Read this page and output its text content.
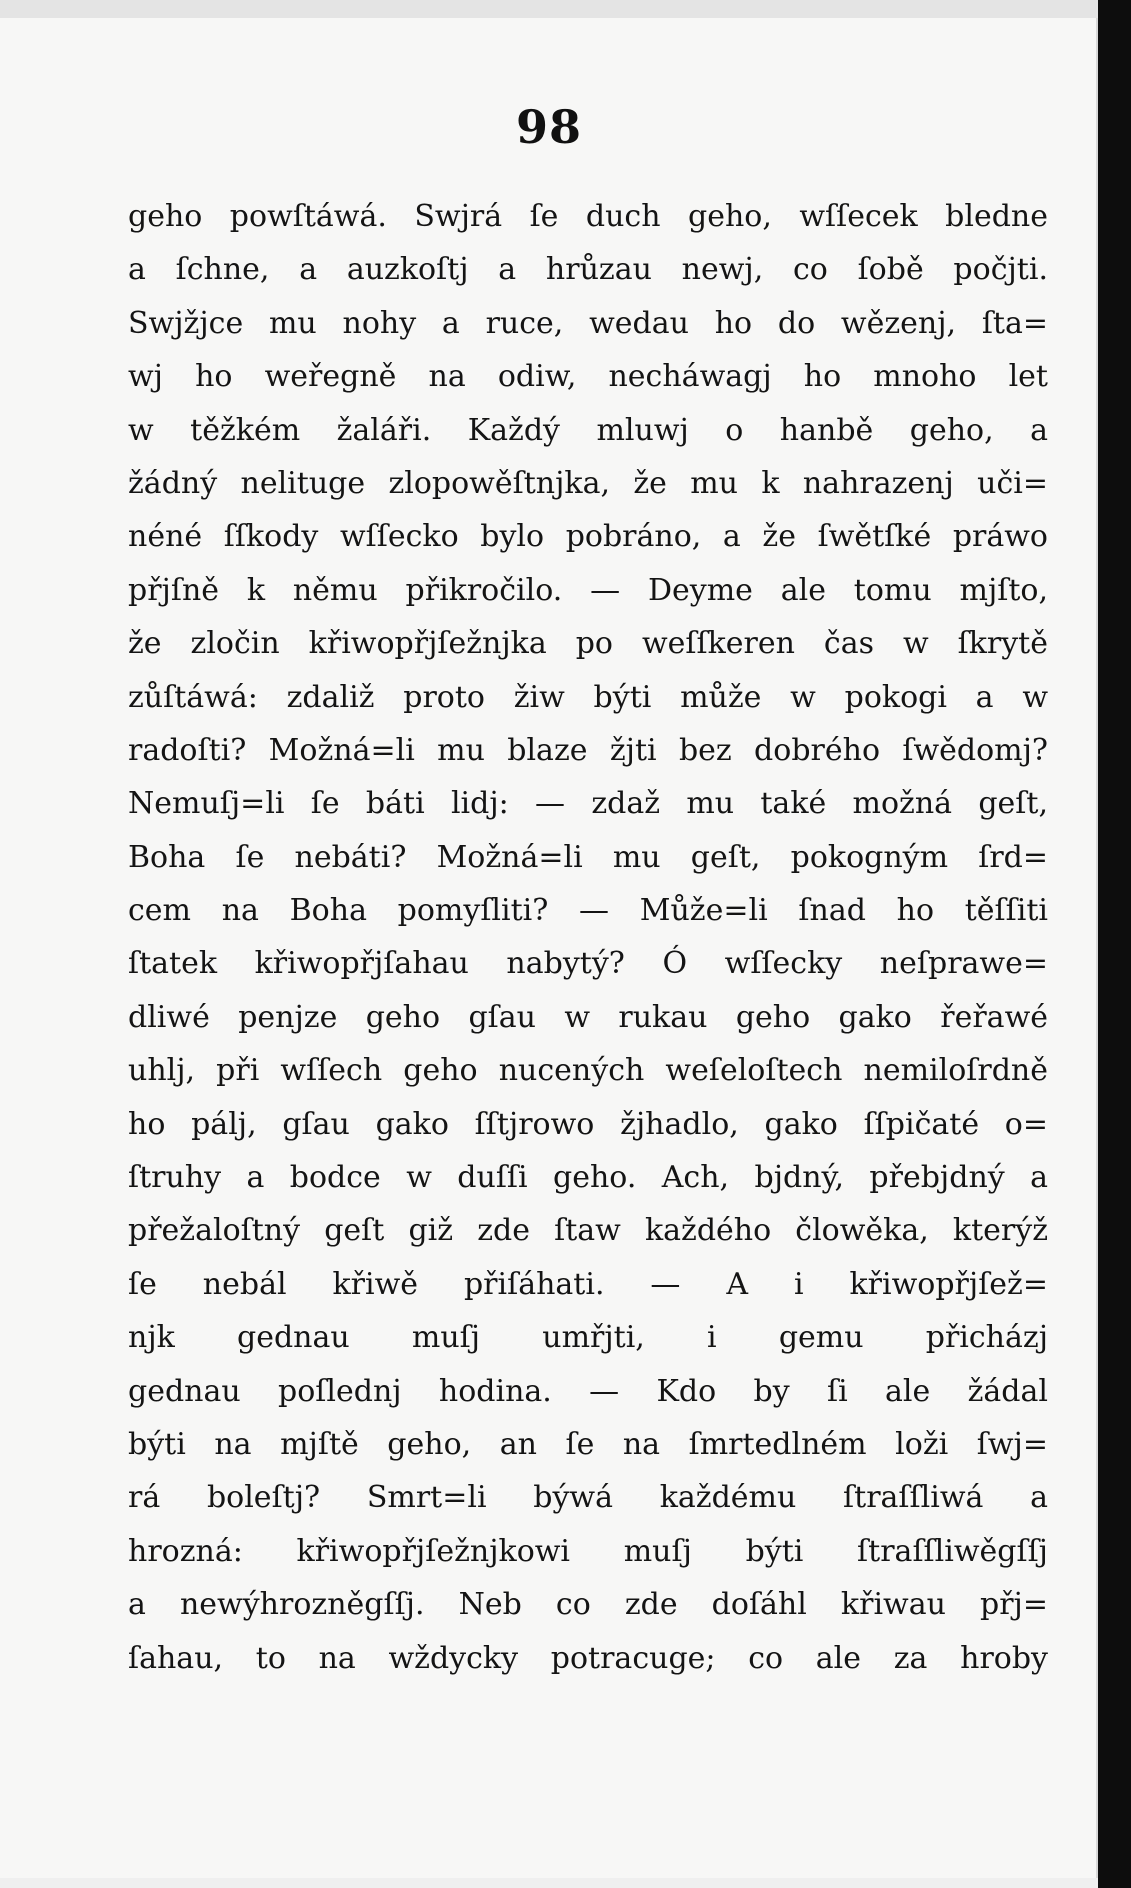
98
geho powſtáwá. Swjrá ſe duch geho, wſſecek bledne
a ſchne, a auzkoſtj a hrůzau newj, co ſobě počjti.
Swjžjce mu nohy a ruce, wedau ho do wězenj, ſta=
wj ho weřegně na odiw, necháwagj ho mnoho let
w těžkém žaláři. Každý mluwj o hanbě geho, a
žádný nelituge zlopowěſtnjka, že mu k nahrazenj uči=
néné ſſkody wſſecko bylo pobráno, a že ſwětſké práwo
přjſně k němu přikročilo. — Deyme ale tomu mjſto,
že zločin křiwopřjſežnjka po weſſkeren čas w ſkrytě
zůſtáwá: zdaliž proto žiw býti může w pokogi a w
radoſti? Možná=li mu blaze žjti bez dobrého ſwědomj?
Nemuſj=li ſe báti lidj: — zdaž mu také možná geſt,
Boha ſe nebáti? Možná=li mu geſt, pokogným ſrd=
cem na Boha pomyſliti? — Může=li ſnad ho těſſiti
ſtatek křiwopřjſahau nabytý? Ó wſſecky neſprawe=
dliwé penjze geho gſau w rukau geho gako řeřawé
uhlj, při wſſech geho nucených weſeloſtech nemiloſrdně
ho pálj, gſau gako ſſtjrowo žjhadlo, gako ſſpičaté o=
ſtruhy a bodce w duſſi geho. Ach, bjdný, přebjdný a
přežaloſtný geſt giž zde ſtaw každého člowěka, kterýž
ſe nebál křiwě přiſáhati. — A i křiwopřjſež=
njk gednau muſj umřjti, i gemu přicházj
gednau poſlednj hodina. — Kdo by ſi ale žádal
býti na mjſtě geho, an ſe na ſmrtedlném loži ſwj=
rá boleſtj? Smrt=li býwá každému ſtraſſliwá a
hrozná: křiwopřjſežnjkowi muſj býti ſtraſſliwěgſſj
a newýhrozněgſſj. Neb co zde doſáhl křiwau přj=
ſahau, to na wždycky potracuge; co ale za hroby
